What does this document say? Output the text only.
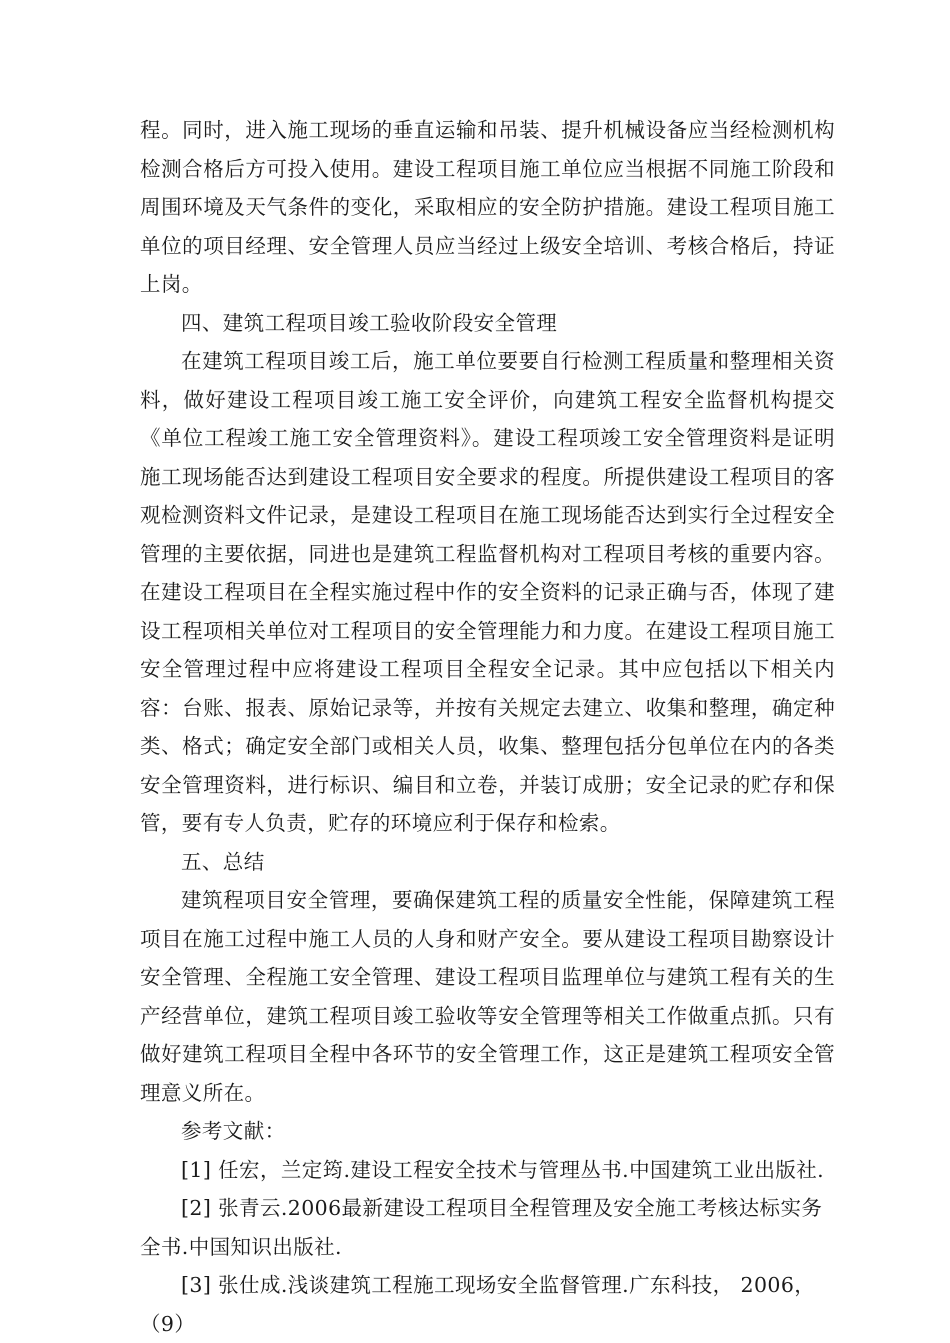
程。同时，进入施工现场的垂直运输和吊装、提升机械设备应当经检测机构检测合格后方可投入使用。建设工程项目施工单位应当根据不同施工阶段和周围环境及天气条件的变化，采取相应的安全防护措施。建设工程项目施工单位的项目经理、安全管理人员应当经过上级安全培训、考核合格后，持证上岗。

四、建筑工程项目竣工验收阶段安全管理

在建筑工程项目竣工后，施工单位要要自行检测工程质量和整理相关资料，做好建设工程项目竣工施工安全评价，向建筑工程安全监督机构提交《单位工程竣工施工安全管理资料》。建设工程项竣工安全管理资料是证明施工现场能否达到建设工程项目安全要求的程度。所提供建设工程项目的客观检测资料文件记录，是建设工程项目在施工现场能否达到实行全过程安全管理的主要依据，同进也是建筑工程监督机构对工程项目考核的重要内容。在建设工程项目在全程实施过程中作的安全资料的记录正确与否，体现了建设工程项相关单位对工程项目的安全管理能力和力度。在建设工程项目施工安全管理过程中应将建设工程项目全程安全记录。其中应包括以下相关内容：台账、报表、原始记录等，并按有关规定去建立、收集和整理，确定种类、格式；确定安全部门或相关人员，收集、整理包括分包单位在内的各类安全管理资料，进行标识、编目和立卷，并装订成册；安全记录的贮存和保管，要有专人负责，贮存的环境应利于保存和检索。

五、总结

建筑程项目安全管理，要确保建筑工程的质量安全性能，保障建筑工程项目在施工过程中施工人员的人身和财产安全。要从建设工程项目勘察设计安全管理、全程施工安全管理、建设工程项目监理单位与建筑工程有关的生产经营单位，建筑工程项目竣工验收等安全管理等相关工作做重点抓。只有做好建筑工程项目全程中各环节的安全管理工作，这正是建筑工程项安全管理意义所在。

参考文献：

[1] 任宏，兰定筠.建设工程安全技术与管理丛书.中国建筑工业出版社.

[2] 张青云.2006最新建设工程项目全程管理及安全施工考核达标实务全书.中国知识出版社.

[3] 张仕成.浅谈建筑工程施工现场安全监督管理.广东科技， 2006，（9）
